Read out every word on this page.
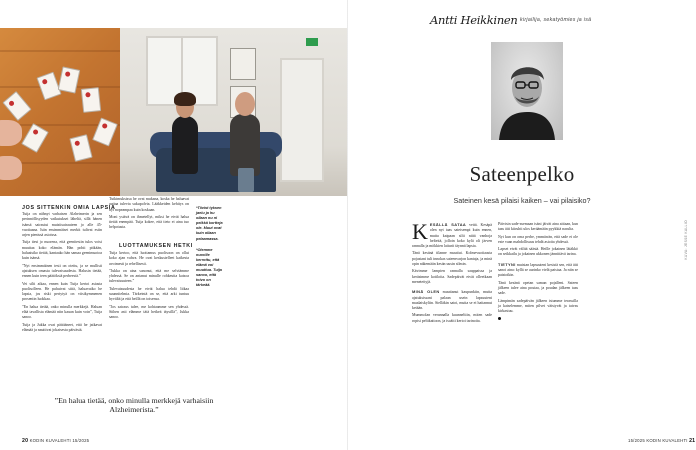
JOS SITTENKIN OMIA LAPSIA

Tuija on nähnyt varhaisen Alzheimerin ja sen perinnöllisyyden vaikutukset läheltä, sillä hänen isänsä sairastui muistisairauteen jo alle 45-vuotiaana. Isän ensimmäiset merkit tulivat esiin arjen pienissä asioissa.

Tuija tiesi jo nuorena, että geenitestin tulos voisi muuttaa koko elämän. Hän pohti pitkään, haluaisiko tietää, kantaako hän samaa geenimuotoa kuin isänsä.

”Nyt ensimmäinen testi on otettu, ja se mullisti ajatuksen omasta tulevaisuudesta. Halusin tietää, ennen kuin teen päätöksiä perheestä.”

Vei silti aikaa, ennen kuin Tuija kertoi asiasta puolisolleen. He puhuivat siitä, haluavatko he lapsia, jos riski periytyä on viisikymmenen prosentin luokkaa.

”En halua tietää, onko minulla merkkejä. Haluan elää tavallista elämää niin kauan kuin voin”, Tuija sanoo.

Tuija ja Jukka ovat päättäneet, että he jatkavat elämää ja nauttivat jokaisesta päivästä.

Tutkimuksissa he ovat mukana, koska he haluavat auttaa tulevia sukupolvia. Lääkkeiden kehitys on nyt nopeampaa kuin koskaan.

Moni ystävä on ihmetellyt, miksi he eivät halua tietää enempää. Tuija kokee, että tieto ei aina tuo helpotusta.

LUOTTAMUKSEN HETKI

Tuija kertoo, että luottamus puolisoon on ollut koko ajan vahva. He ovat keskustelleet kaikesta avoimesti ja rehellisesti.

”Jukka on aina sanonut, että me selviämme yhdessä. Se on antanut minulle rohkeutta katsoa tulevaisuuteen.”

Tulevaisuudesta he eivät halua tehdä liikaa suunnitelmia. Tärkeintä on se, että arki tuntuu hyvältä ja että heillä on toisensa.

”Jos sairaus tulee, me kohtaamme sen yhdessä. Siihen asti elämme tätä hetkeä täysillä”, Jukka sanoo.

*Tiivist tyksen jaelu ja hu ollaan nu ni pelkkä kortteja ole. Muut ovat kuin ollaan pelaamassa.

*Olemme nuorille kerrottu, että elämä voi muuttua. Tuija sanoo, että toivo on tärkeää.

”En halua tietää, onko minulla merkkejä varhaisiin Alzheimerista.”
20 KODIN KUVALEHTI 15/2025
Antti Heikkinen kirjailija, sekatyömies ja isä
Sateenpelko
Sateinen kesä pilaisi kaiken – vai pilaisiko?
K ESÄLLÄ SATAA vettä. Kesäpä olen nyt taas sateisempi kuin ennen, mutta kaipaan silti niitä vanhoja helteitä, jolloin koko kylä oli järven rannalla ja mökkien laiturit täynnä lapsia.

Tänä kesänä tilanne muuttui. Kolmevuotiaasta pojastani tuli innokas sateenvarjon kantaja, ja minä opin näkemään kesän uusin silmin.

Kävimme lampien rannalla saappaissa ja keräsimme kotiloita. Sadepäivät eivät olleetkaan menetettyjä.

MINÄ OLEN muuttanut kaupunkiin, mutta ajatuksissani palaan usein lapsuuteni maalaiskyliin. Sielläkin satoi, mutta se ei haitannut ketään.

Mummolan verannalla kuunneltiin, miten sade ropisi peltikattoon, ja isoäiti kertoi tarinoita.

Päivisin sade-asemaan isäni jäivät aina aittaan, kun taas äiti kiiruhti ulos keräämään pyykkiä narulta.

Nyt kun on oma perhe, ymmärrän, että sade ei ole este vaan mahdollisuus tehdä asioita yhdessä.

Lapset eivät välitä säästä. Heille jokainen lätäkkö on seikkailu ja jokainen ukkonen jännittävä tarina.

TIETYNI muistan lapsuuteni kesistä sen, että äiti sanoi aina: kyllä se aurinko vielä paistaa. Ja niin se paistoikin.

Tänä kesänä opetan saman pojalleni. Sateen jälkeen tulee aina poutaa, ja poudan jälkeen taas sade.

Lämpimän sadepäivän jälkeen istumme terassilla ja katselemme, miten pilvet väistyvät ja taivas kirkastuu.

KUVA: JESSE KALLIO
15/2025 KODIN KUVALEHTI 21
